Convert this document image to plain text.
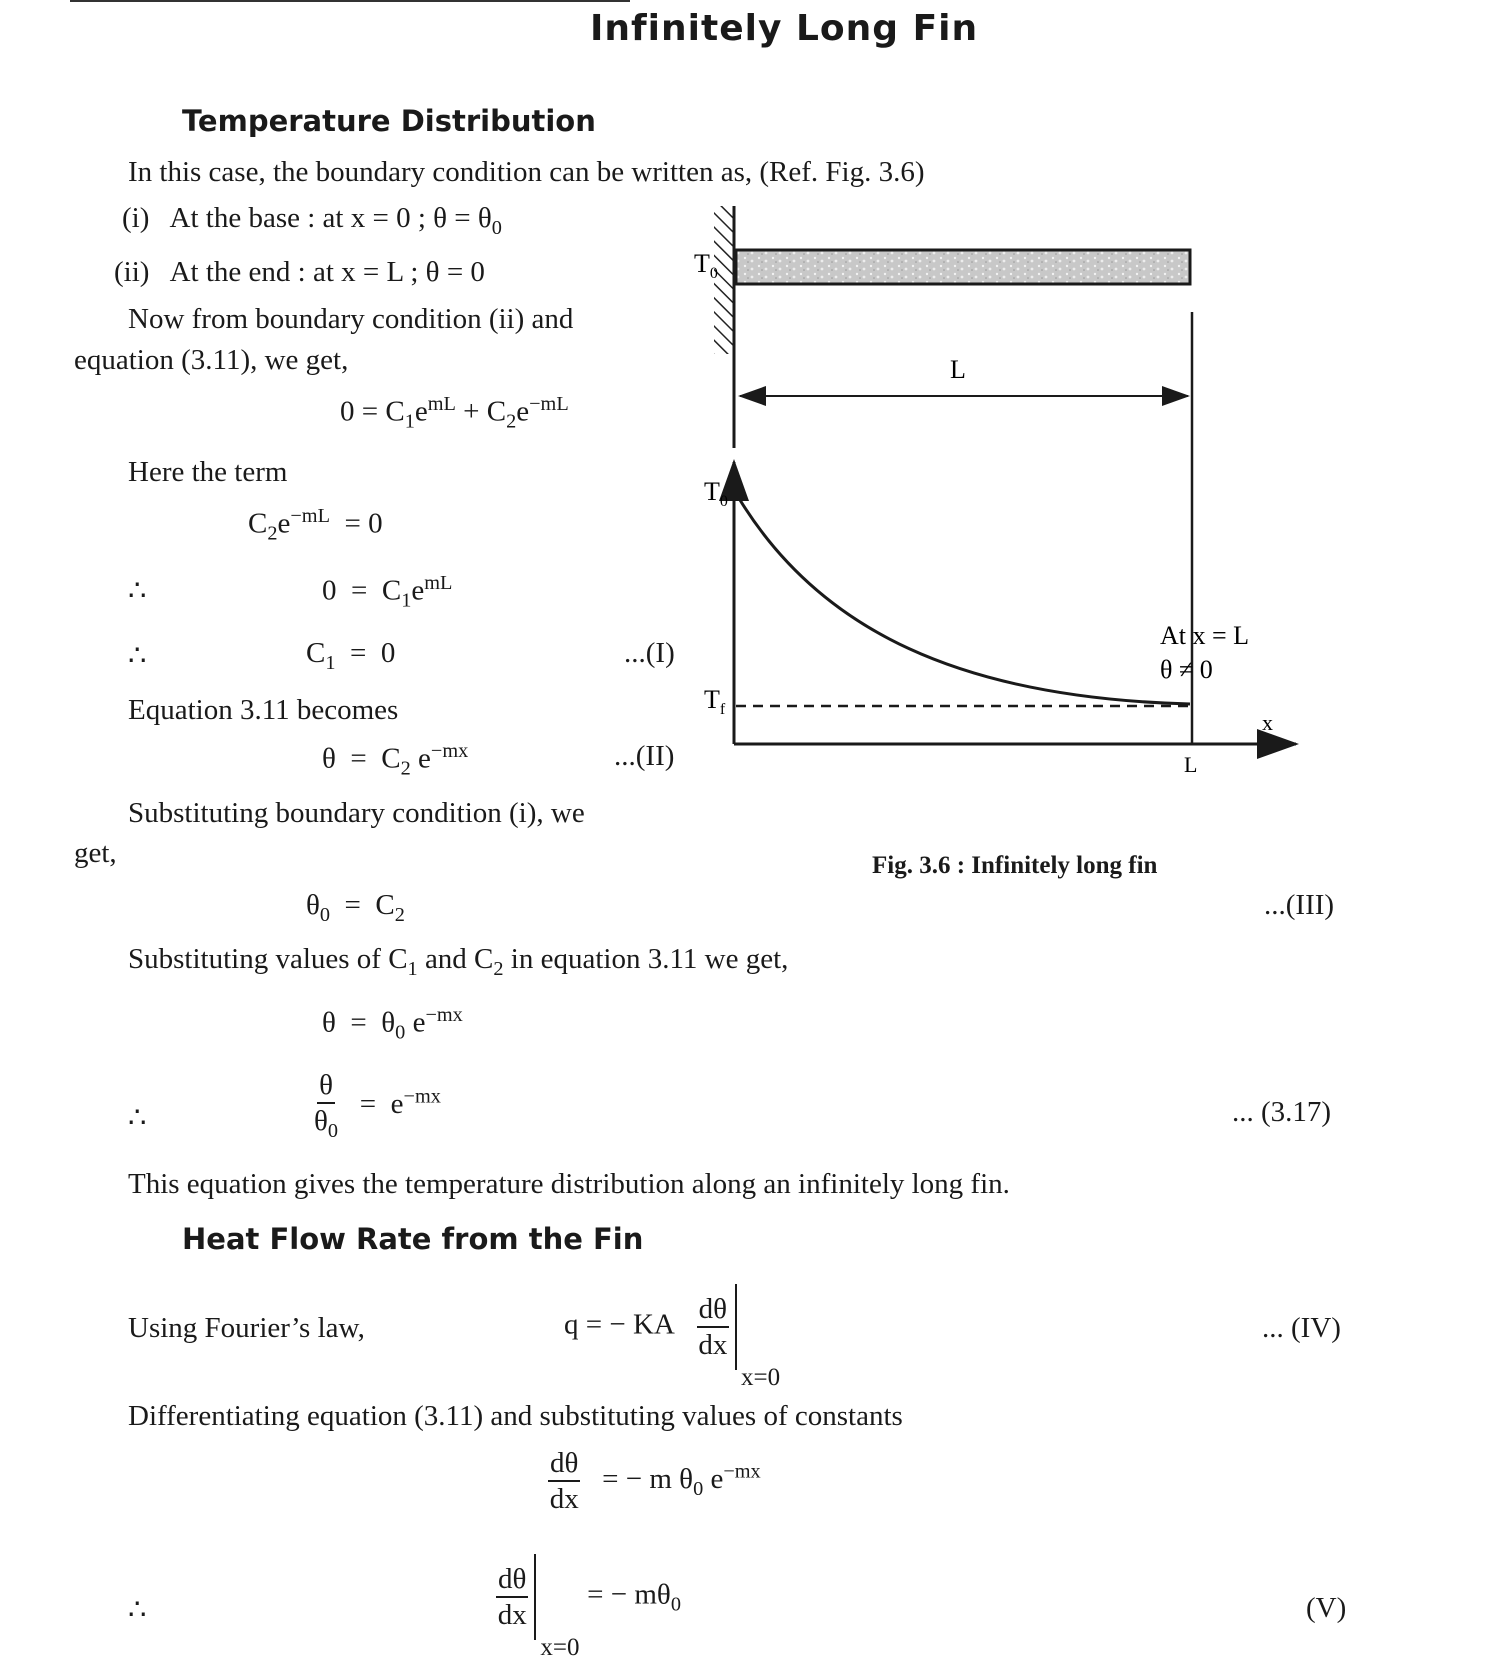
Infinitely Long Fin
Temperature Distribution
In this case, the boundary condition can be written as, (Ref. Fig. 3.6)
(i) At the base : at x = 0 ; $\theta = \theta_0$
(ii) At the end : at x = L ; θ = 0
Now from boundary condition (ii) and
equation (3.11), we get,
$0 = C_1e^{mL} + C_2e^{-mL}$
Here the term
$C_2e^{-mL} = 0$
∴	$0 = C_1e^{mL}$
∴	$C_1 = 0$	...(I)
Equation 3.11 becomes
$\theta = C_2$ $e^{-mx}$	...(II)
Substituting boundary condition (i), we
get,
$\theta_0 = C_2$	...(III)
Substituting values of $C_1$ and $C_2$ in equation 3.11 we get,
$\theta = \theta_0$ $e^{-mx}$
∴	$\frac{\theta}{\theta_0} = e^{-mx}$	... (3.17)
This equation gives the temperature distribution along an infinitely long fin.
Heat Flow Rate from the Fin
Using Fourier’s law,	q = − KA $\frac{d\theta}{dx}$
x=0
... (IV)
Differentiating equation (3.11) and substituting values of constants
$\frac{d\theta}{dx}$ = − m $\theta_0$ $e^{-mx}$
∴	$\frac{d\theta}{dx}$
x=0
= − $m\theta_0$	(V)
$T_0$
L
$T_0$
$T_f$
At x = L
θ ≠ 0
x
L
Fig. 3.6 : Infinitely long fin
